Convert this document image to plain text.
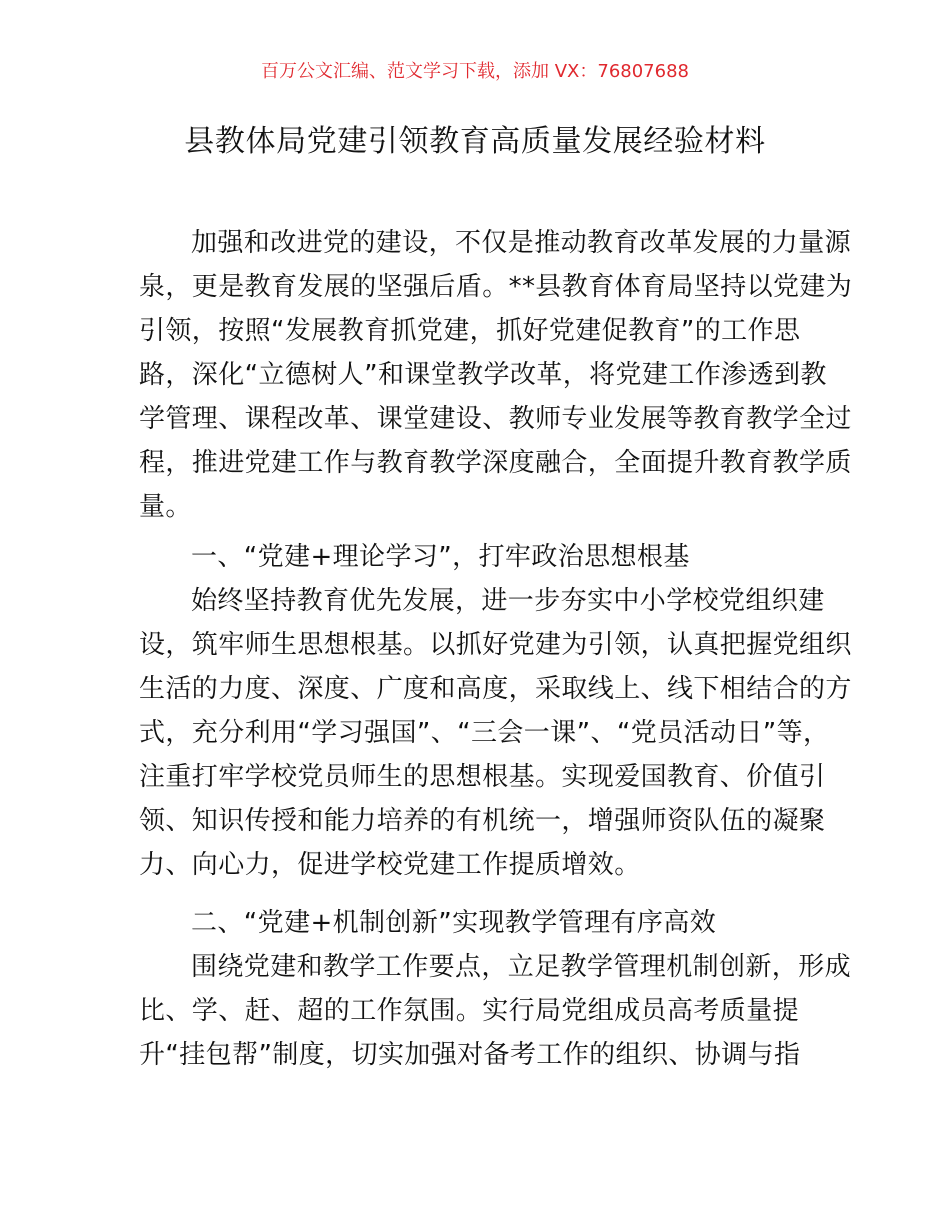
百万公文汇编、范文学习下载，添加 VX：76807688
县教体局党建引领教育高质量发展经验材料
加强和改进党的建设，不仅是推动教育改革发展的力量源
泉，更是教育发展的坚强后盾。**县教育体育局坚持以党建为
引领，按照“发展教育抓党建，抓好党建促教育”的工作思
路，深化“立德树人”和课堂教学改革，将党建工作渗透到教
学管理、课程改革、课堂建设、教师专业发展等教育教学全过
程，推进党建工作与教育教学深度融合，全面提升教育教学质
量。
一、“党建+理论学习”，打牢政治思想根基
始终坚持教育优先发展，进一步夯实中小学校党组织建
设，筑牢师生思想根基。以抓好党建为引领，认真把握党组织
生活的力度、深度、广度和高度，采取线上、线下相结合的方
式，充分利用“学习强国”、“三会一课”、“党员活动日”等，
注重打牢学校党员师生的思想根基。实现爱国教育、价值引
领、知识传授和能力培养的有机统一，增强师资队伍的凝聚
力、向心力，促进学校党建工作提质增效。
二、“党建+机制创新”实现教学管理有序高效
围绕党建和教学工作要点，立足教学管理机制创新，形成
比、学、赶、超的工作氛围。实行局党组成员高考质量提
升“挂包帮”制度，切实加强对备考工作的组织、协调与指
